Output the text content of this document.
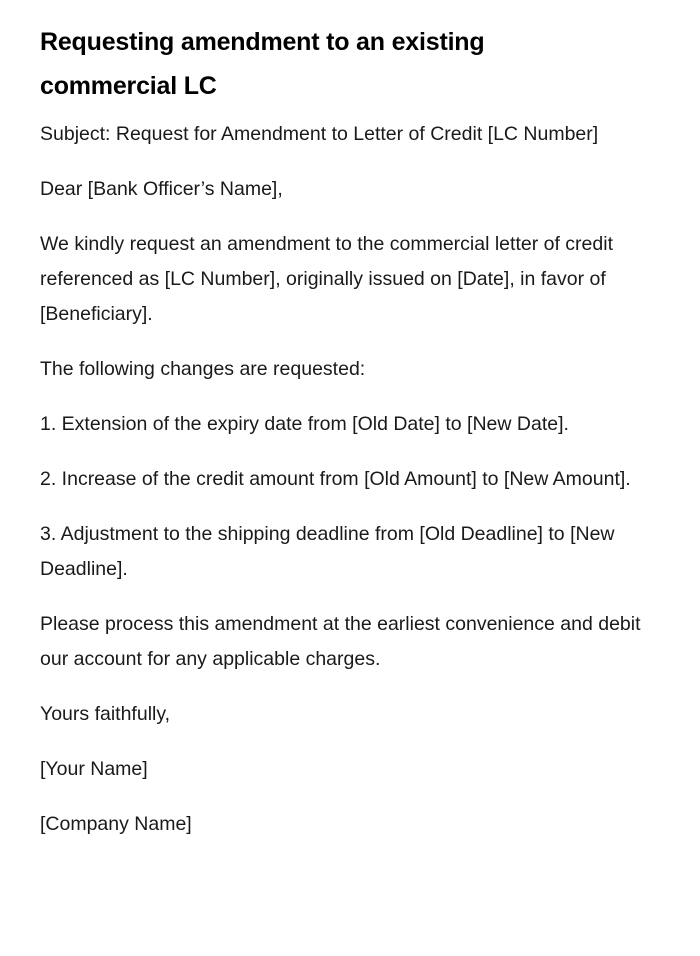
Requesting amendment to an existing commercial LC

Subject: Request for Amendment to Letter of Credit [LC Number]

Dear [Bank Officer’s Name],

We kindly request an amendment to the commercial letter of credit referenced as [LC Number], originally issued on [Date], in favor of [Beneficiary].

The following changes are requested:

1. Extension of the expiry date from [Old Date] to [New Date].

2. Increase of the credit amount from [Old Amount] to [New Amount].

3. Adjustment to the shipping deadline from [Old Deadline] to [New Deadline].

Please process this amendment at the earliest convenience and debit our account for any applicable charges.

Yours faithfully,

[Your Name]

[Company Name]
